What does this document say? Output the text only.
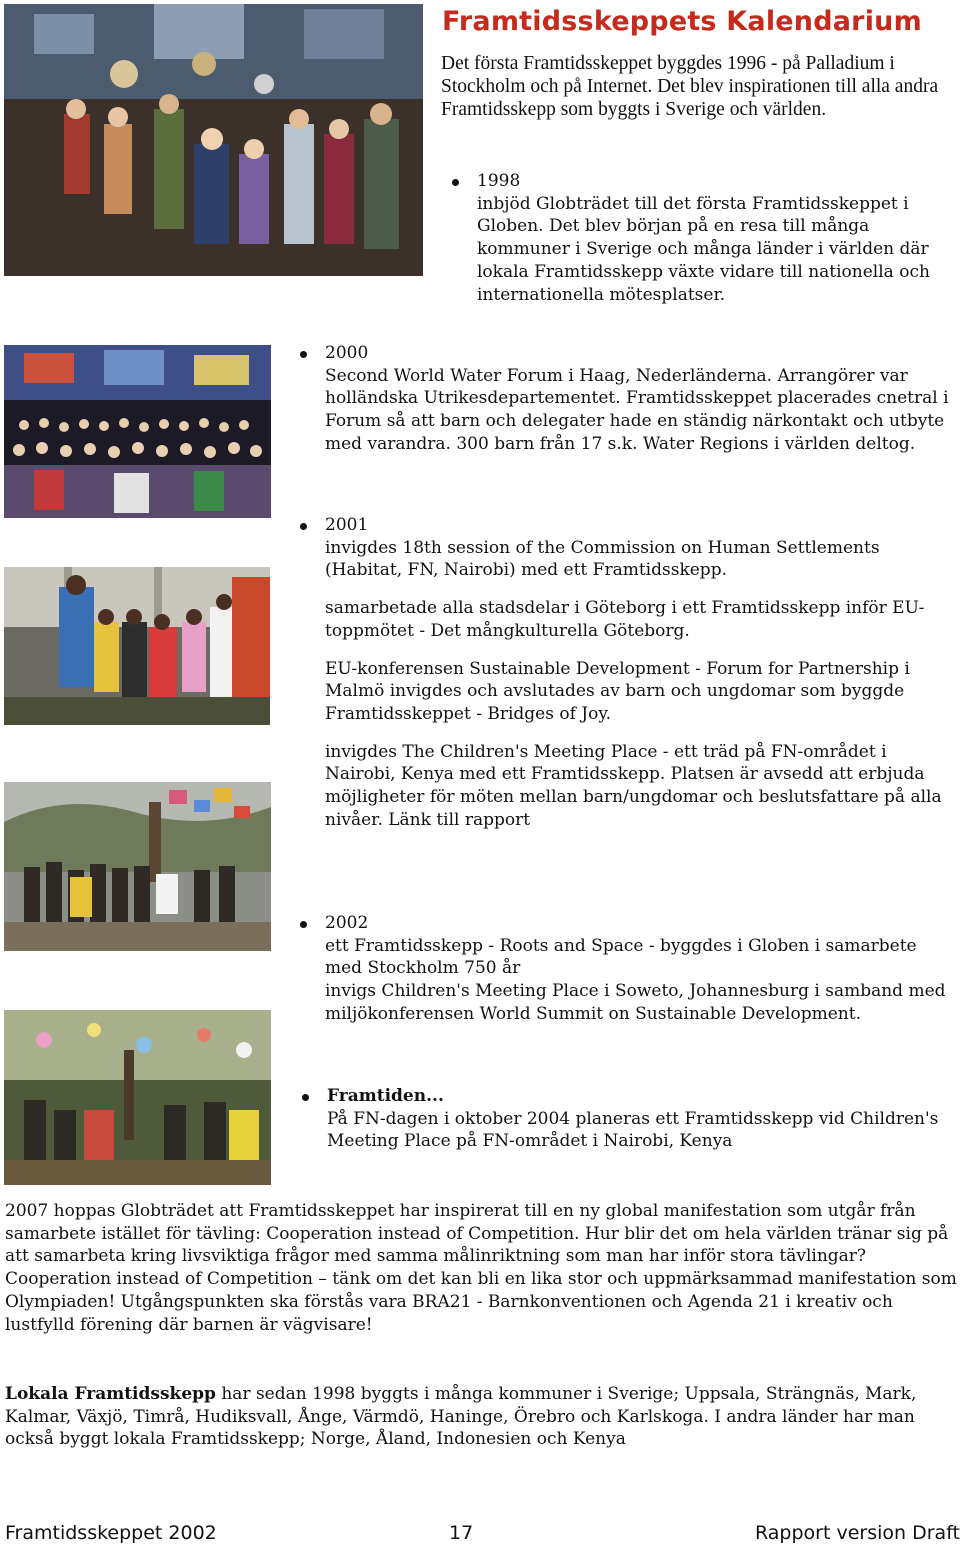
Framtidsskeppets Kalendarium
Det första Framtidsskeppet byggdes 1996 - på Palladium i Stockholm och på Internet. Det blev inspirationen till alla andra Framtidsskepp som byggts i Sverige och världen.

1998

inbjöd Globträdet till det första Framtidsskeppet i Globen. Det blev början på en resa till många kommuner i Sverige och många länder i världen där lokala Framtidsskepp växte vidare till nationella och internationella mötesplatser.

2000

Second World Water Forum i Haag, Nederländerna. Arrangörer var holländska Utrikesdepartementet. Framtidsskeppet placerades cnetral i Forum så att barn och delegater hade en ständig närkontakt och utbyte med varandra. 300 barn från 17 s.k. Water Regions i världen deltog.

2001

invigdes 18th session of the Commission on Human Settlements (Habitat, FN, Nairobi) med ett Framtidsskepp.

samarbetade alla stadsdelar i Göteborg i ett Framtidsskepp inför EU-toppmötet - Det mångkulturella Göteborg.

EU-konferensen Sustainable Development - Forum for Partnership i Malmö invigdes och avslutades av barn och ungdomar som byggde Framtidsskeppet - Bridges of Joy.

invigdes The Children's Meeting Place - ett träd på FN-området i Nairobi, Kenya med ett Framtidsskepp. Platsen är avsedd att erbjuda möjligheter för möten mellan barn/ungdomar och beslutsfattare på alla nivåer. Länk till rapport

2002

ett Framtidsskepp - Roots and Space - byggdes i Globen i samarbete med Stockholm 750 år

invigs Children's Meeting Place i Soweto, Johannesburg i samband med miljökonferensen World Summit on Sustainable Development.

Framtiden...

På FN-dagen i oktober 2004 planeras ett Framtidsskepp vid Children's Meeting Place på FN-området i Nairobi, Kenya

2007 hoppas Globträdet att Framtidsskeppet har inspirerat till en ny global manifestation som utgår från samarbete istället för tävling: Cooperation instead of Competition. Hur blir det om hela världen tränar sig på att samarbeta kring livsviktiga frågor med samma målinriktning som man har inför stora tävlingar? Cooperation instead of Competition – tänk om det kan bli en lika stor och uppmärksammad manifestation som Olympiaden! Utgångspunkten ska förstås vara BRA21 - Barnkonventionen och Agenda 21 i kreativ och lustfylld förening där barnen är vägvisare!

Lokala Framtidsskepp har sedan 1998 byggts i många kommuner i Sverige; Uppsala, Strängnäs, Mark, Kalmar, Växjö, Timrå, Hudiksvall, Ånge, Värmdö, Haninge, Örebro och Karlskoga. I andra länder har man också byggt lokala Framtidsskepp; Norge, Åland, Indonesien och Kenya

Framtidsskeppet 2002	17	Rapport version Draft
